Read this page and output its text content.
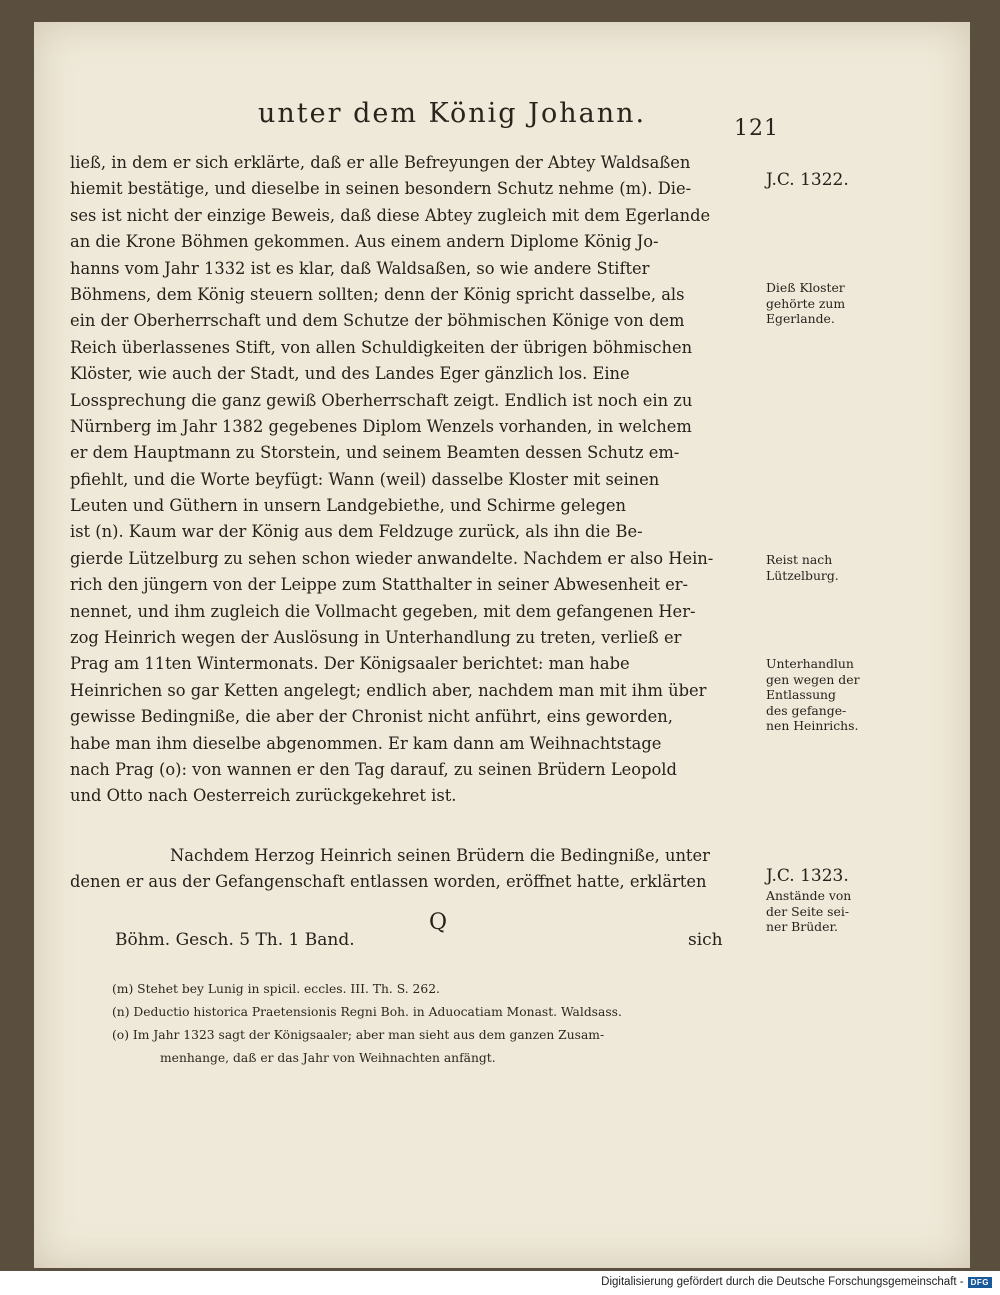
unter dem König Johann.	121
ließ, in dem er sich erklärte, daß er alle Befreyungen der Abtey Waldsaßen
hiemit bestätige, und dieselbe in seinen besondern Schutz nehme (m). Die-
ses ist nicht der einzige Beweis, daß diese Abtey zugleich mit dem Egerlande
an die Krone Böhmen gekommen. Aus einem andern Diplome König Jo-
hanns vom Jahr 1332 ist es klar, daß Waldsaßen, so wie andere Stifter
Böhmens, dem König steuern sollten; denn der König spricht dasselbe, als
ein der Oberherrschaft und dem Schutze der böhmischen Könige von dem
Reich überlassenes Stift, von allen Schuldigkeiten der übrigen böhmischen
Klöster, wie auch der Stadt, und des Landes Eger gänzlich los. Eine
Lossprechung die ganz gewiß Oberherrschaft zeigt. Endlich ist noch ein zu
Nürnberg im Jahr 1382 gegebenes Diplom Wenzels vorhanden, in welchem
er dem Hauptmann zu Storstein, und seinem Beamten dessen Schutz em-
pfiehlt, und die Worte beyfügt: Wann (weil) dasselbe Kloster mit seinen
Leuten und Güthern in unsern Landgebiethe, und Schirme gelegen
ist (n). Kaum war der König aus dem Feldzuge zurück, als ihn die Be-
gierde Lützelburg zu sehen schon wieder anwandelte. Nachdem er also Hein-
rich den jüngern von der Leippe zum Statthalter in seiner Abwesenheit er-
nennet, und ihm zugleich die Vollmacht gegeben, mit dem gefangenen Her-
zog Heinrich wegen der Auslösung in Unterhandlung zu treten, verließ er
Prag am 11ten Wintermonats. Der Königsaaler berichtet: man habe
Heinrichen so gar Ketten angelegt; endlich aber, nachdem man mit ihm über
gewisse Bedingniße, die aber der Chronist nicht anführt, eins geworden,
habe man ihm dieselbe abgenommen. Er kam dann am Weihnachtstage
nach Prag (o): von wannen er den Tag darauf, zu seinen Brüdern Leopold
und Otto nach Oesterreich zurückgekehret ist.
Nachdem Herzog Heinrich seinen Brüdern die Bedingniße, unter
denen er aus der Gefangenschaft entlassen worden, eröffnet hatte, erklärten
J.C. 1322.
Dieß Kloster
gehörte zum
Egerlande.
Reist nach
Lützelburg.
Unterhandlun
gen wegen der
Entlassung
des gefange-
nen Heinrichs.
J.C. 1323.
Anstände von
der Seite sei-
ner Brüder.
Böhm. Gesch. 5 Th. 1 Band.
Q
sich
(m) Stehet bey Lunig in spicil. eccles. III. Th. S. 262.
(n) Deductio historica Praetensionis Regni Boh. in Aduocatiam Monast. Waldsass.
(o) Im Jahr 1323 sagt der Königsaaler; aber man sieht aus dem ganzen Zusam-
menhange, daß er das Jahr von Weihnachten anfängt.
Digitalisierung gefördert durch die Deutsche Forschungsgemeinschaft - DFG
